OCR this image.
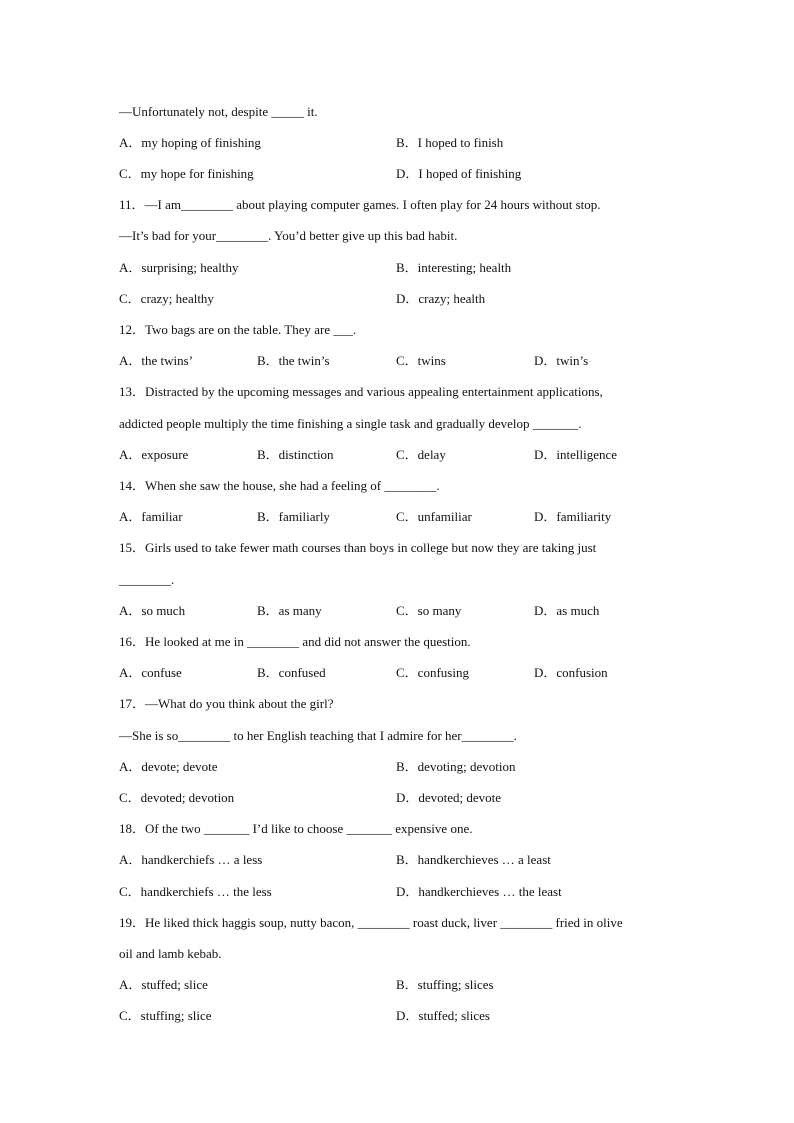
—Unfortunately not, despite _____ it.
A．my hoping of finishing	B．I hoped to finish
C．my hope for finishing	D．I hoped of finishing
11．—I am________ about playing computer games. I often play for 24 hours without stop.
—It’s bad for your________. You’d better give up this bad habit.
A．surprising; healthy	B．interesting; health
C．crazy; healthy	D．crazy; health
12．Two bags are on the table. They are ___.
A．the twins’	B．the twin’s	C．twins	D．twin’s
13．Distracted by the upcoming messages and various appealing entertainment applications,
addicted people multiply the time finishing a single task and gradually develop _______.
A．exposure	B．distinction	C．delay	D．intelligence
14．When she saw the house, she had a feeling of ________.
A．familiar	B．familiarly	C．unfamiliar	D．familiarity
15．Girls used to take fewer math courses than boys in college but now they are taking just
________.
A．so much	B．as many	C．so many	D．as much
16．He looked at me in ________ and did not answer the question.
A．confuse	B．confused	C．confusing	D．confusion
17．—What do you think about the girl?
—She is so________ to her English teaching that I admire for her________.
A．devote; devote	B．devoting; devotion
C．devoted; devotion	D．devoted; devote
18．Of the two _______ I’d like to choose _______ expensive one.
A．handkerchiefs … a less	B．handkerchieves … a least
C．handkerchiefs … the less	D．handkerchieves … the least
19．He liked thick haggis soup, nutty bacon, ________ roast duck, liver ________ fried in olive
oil and lamb kebab.
A．stuffed; slice	B．stuffing; slices
C．stuffing; slice	D．stuffed; slices
